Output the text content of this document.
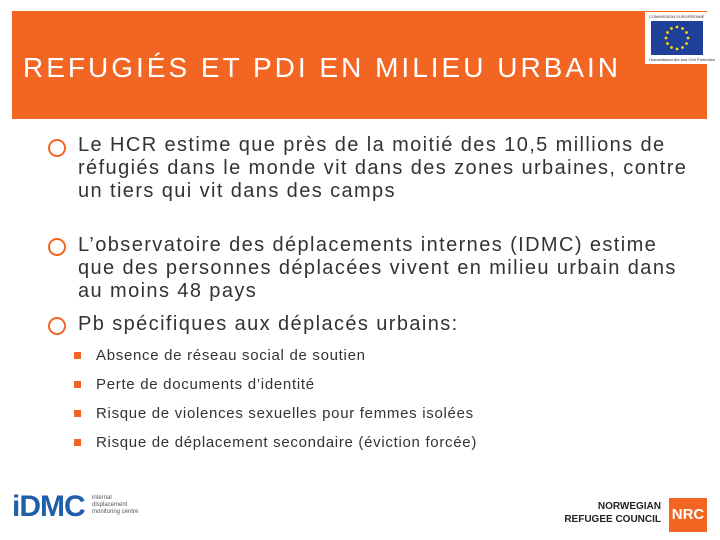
REFUGIÉS ET PDI EN MILIEU URBAIN
COMMISSION EUROPÉENNE
Humanitarian Aid and Civil Protection

Le HCR estime que près de la moitié des 10,5 millions de réfugiés dans le monde vit dans des zones urbaines, contre un tiers qui vit dans des camps

L’observatoire des déplacements internes (IDMC) estime que des personnes déplacées vivent en milieu urbain dans au moins 48 pays

Pb spécifiques aux déplacés urbains:

Absence de réseau social de soutien

Perte de documents d’identité

Risque de violences sexuelles pour femmes isolées

Risque de déplacement secondaire (éviction forcée)

iDMC internal displacement monitoring centre	NORWEGIAN
REFUGEE COUNCIL NRC
